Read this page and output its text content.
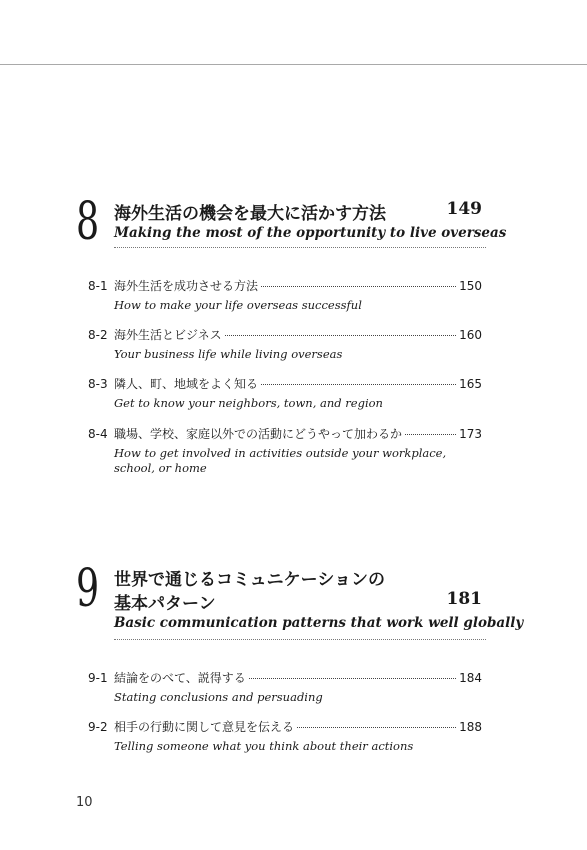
8 海外生活の機会を最大に活かす方法	149
Making the most of the opportunity to live overseas
8-1 海外生活を成功させる方法	150
How to make your life overseas successful
8-2 海外生活とビジネス	160
Your business life while living overseas
8-3 隣人、町、地域をよく知る	165
Get to know your neighbors, town, and region
8-4 職場、学校、家庭以外での活動にどうやって加わるか	173
How to get involved in activities outside your workplace, school, or home
9 世界で通じるコミュニケーションの
基本パターン	181
Basic communication patterns that work well globally
9-1 結論をのべて、説得する	184
Stating conclusions and persuading
9-2 相手の行動に関して意見を伝える	188
Telling someone what you think about their actions
10
